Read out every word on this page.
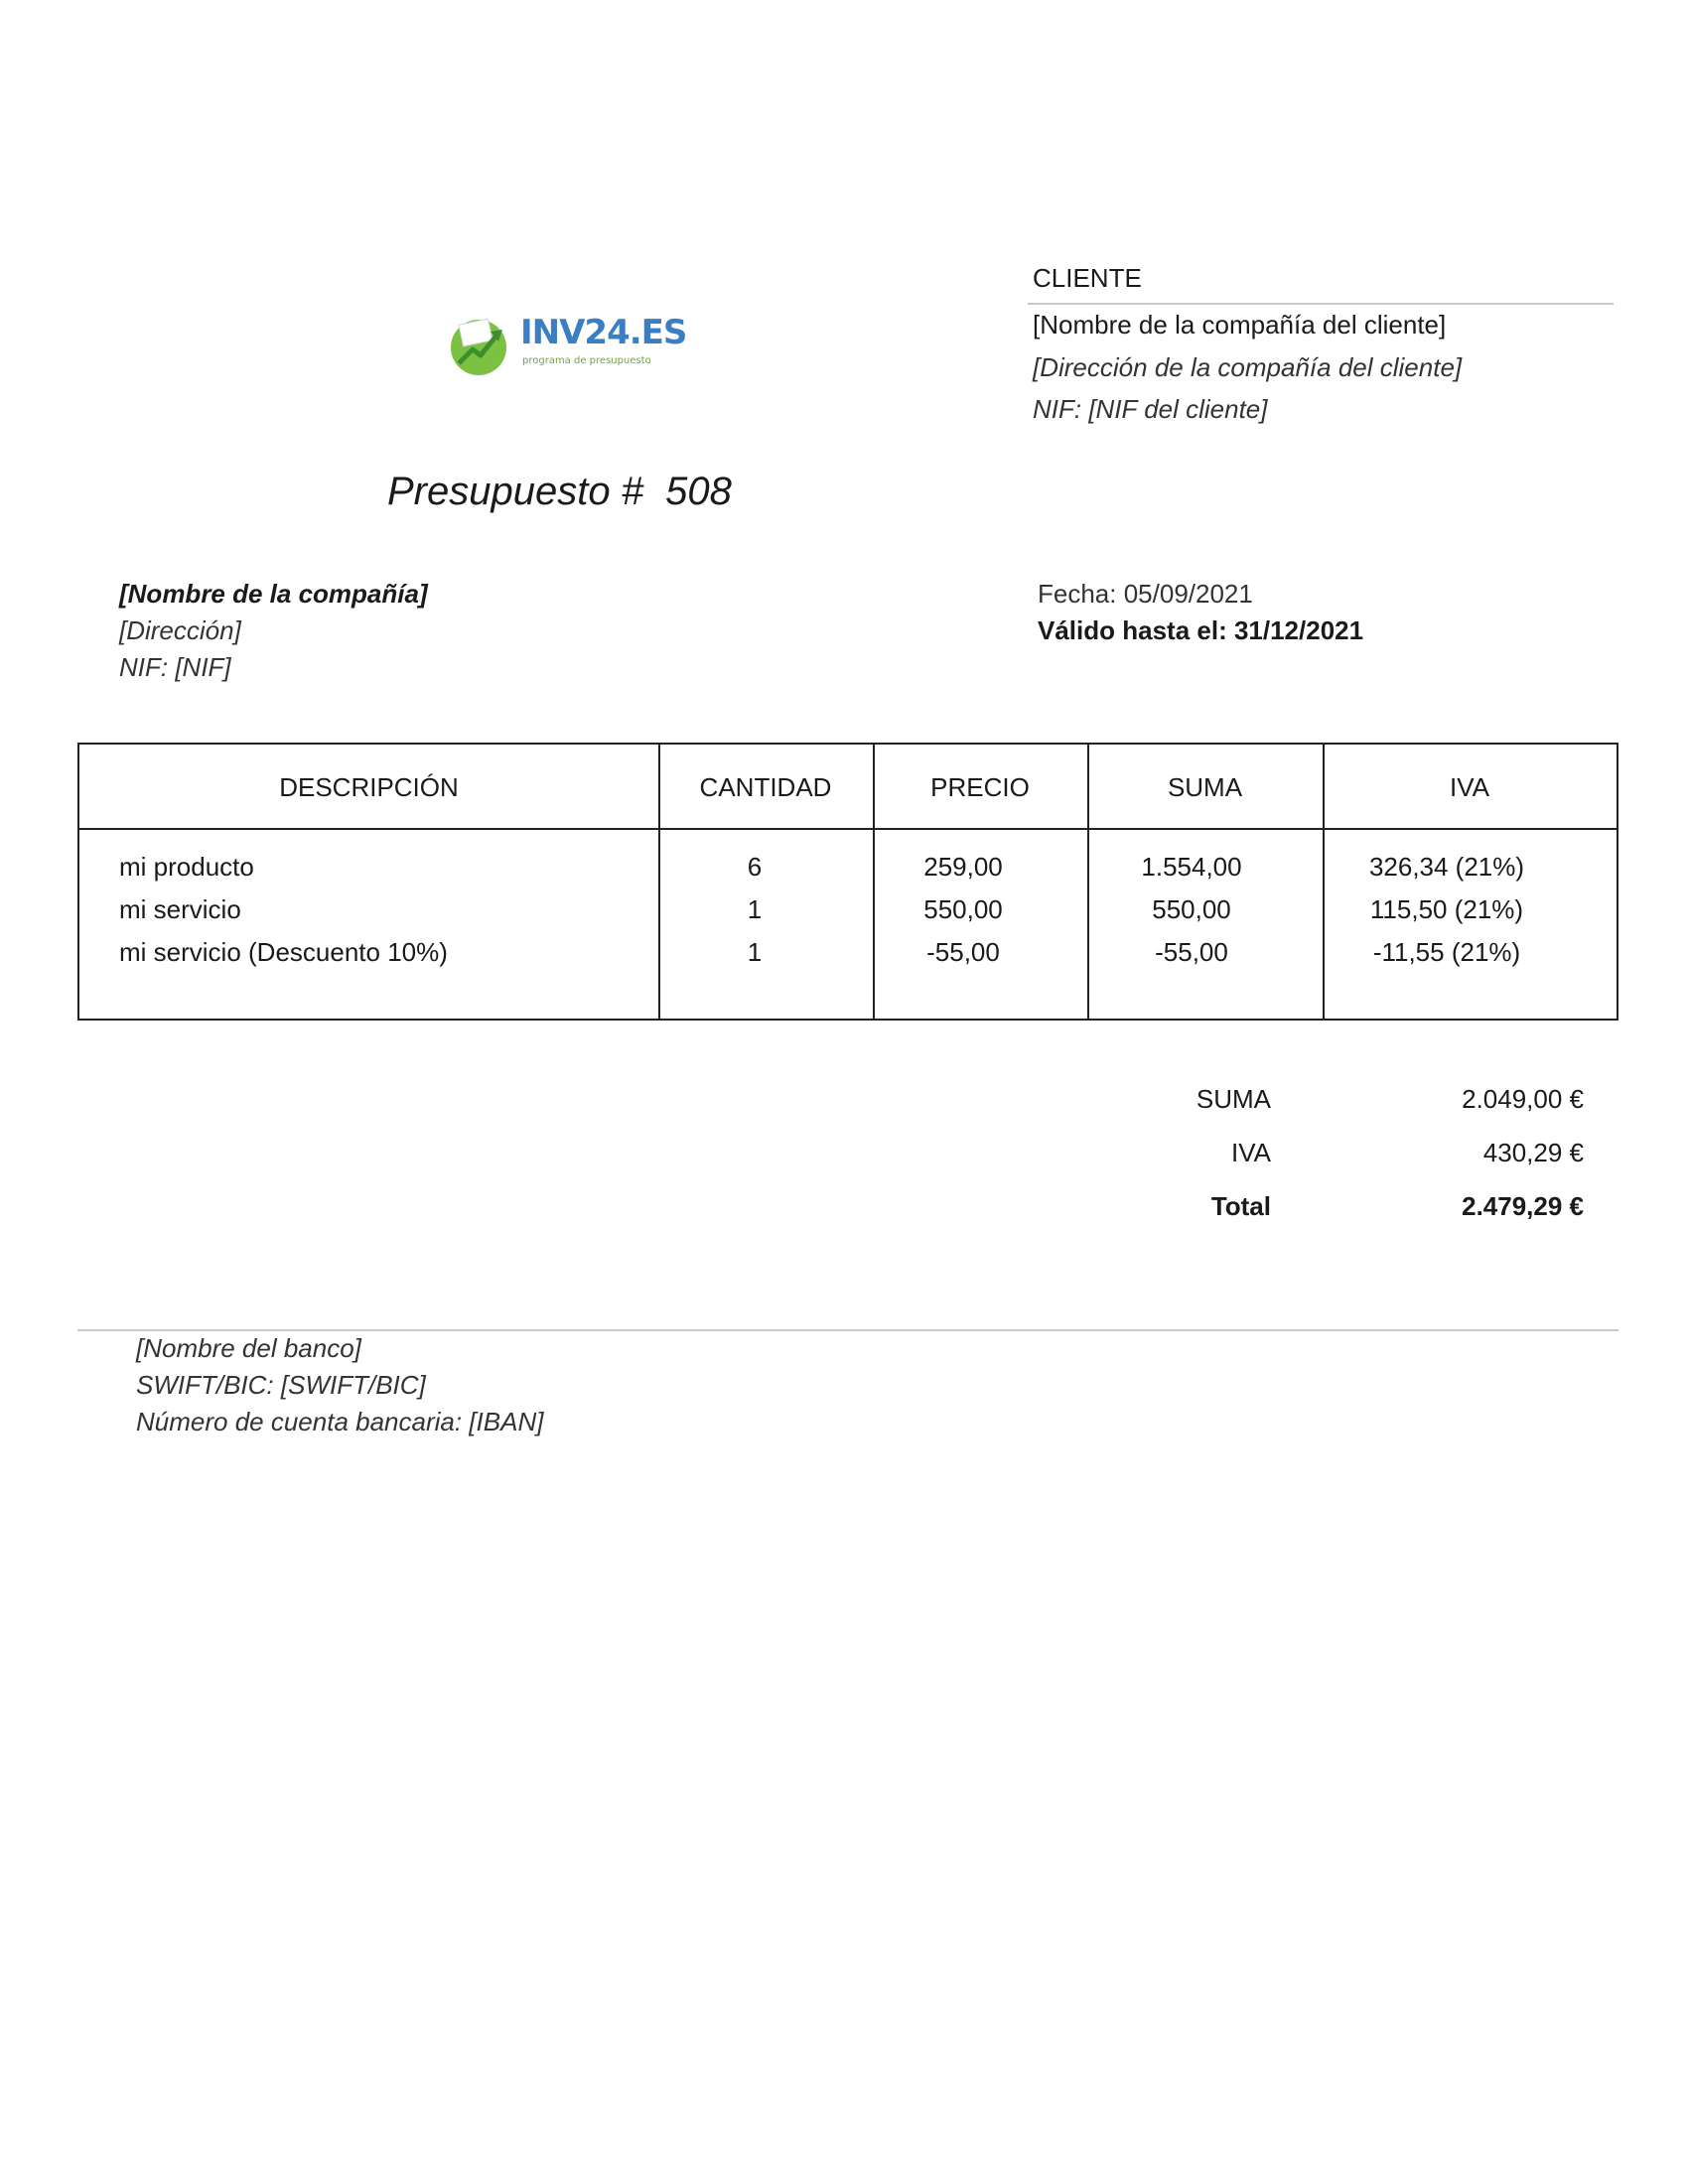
INV24.ES
programa de presupuesto
CLIENTE
[Nombre de la compañía del cliente]
[Dirección de la compañía del cliente]
NIF: [NIF del cliente]
Presupuesto #  508
[Nombre de la compañía]
[Dirección]
NIF: [NIF]
Fecha: 05/09/2021
Válido hasta el: 31/12/2021
DESCRIPCIÓN	CANTIDAD	PRECIO	SUMA	IVA
mi producto	6	259,00	1.554,00	326,34 (21%)
mi servicio	1	550,00	550,00	115,50 (21%)
mi servicio (Descuento 10%)	1	-55,00	-55,00	-11,55 (21%)
SUMA	2.049,00 €
IVA	430,29 €
Total	2.479,29 €
[Nombre del banco]
SWIFT/BIC: [SWIFT/BIC]
Número de cuenta bancaria: [IBAN]
